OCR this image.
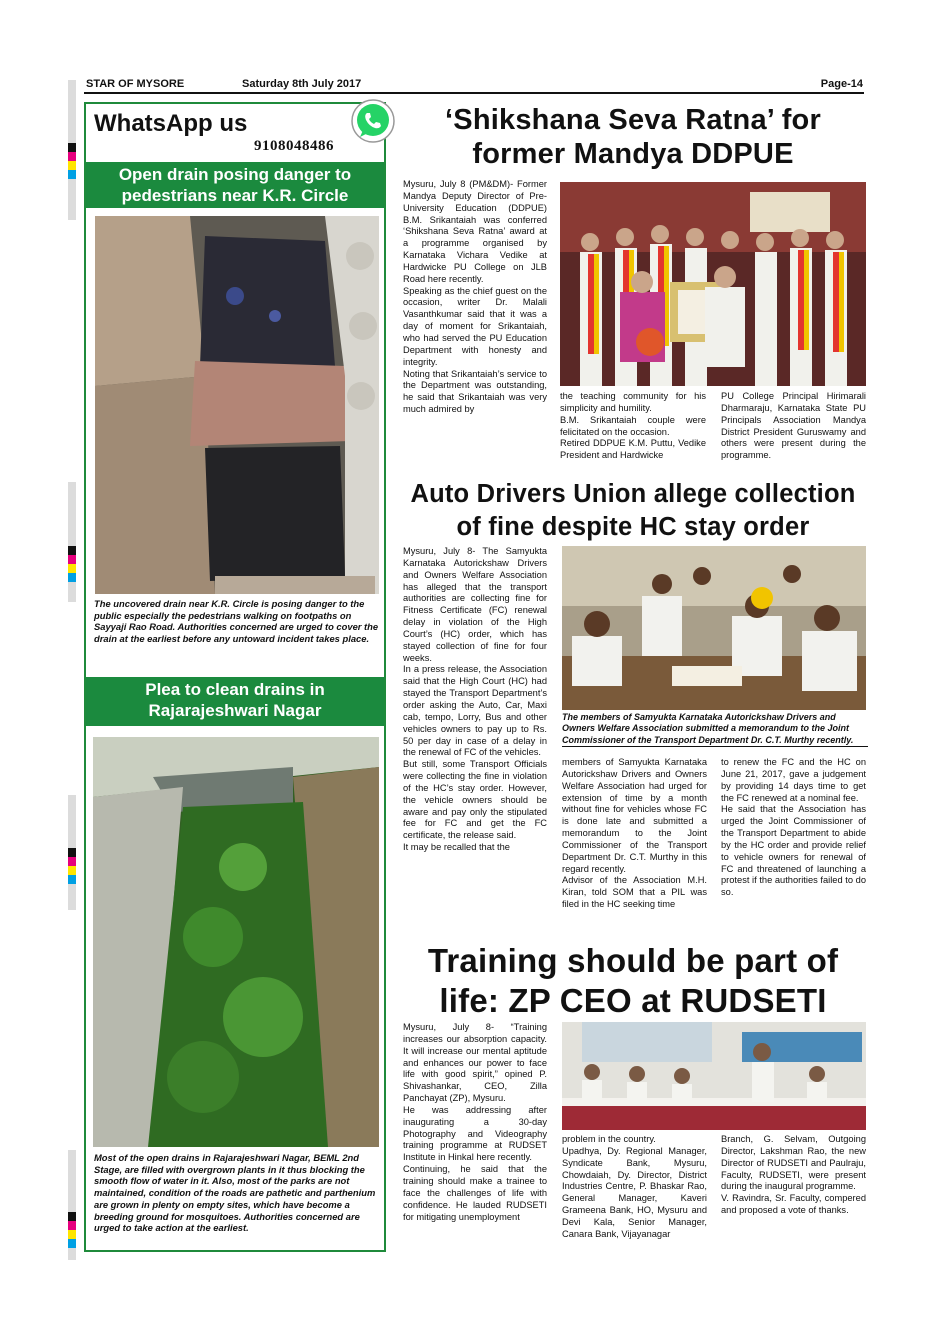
STAR OF MYSORE	Saturday 8th July 2017	Page-14
WhatsApp us
9108048486
Open drain posing danger to pedestrians near K.R. Circle
The uncovered drain near K.R. Circle is posing danger to the public especially the pedestrians walking on footpaths on Sayyaji Rao Road. Authorities concerned are urged to cover the drain at the earliest before any untoward incident takes place.
Plea to clean drains in Rajarajeshwari Nagar
Most of the open drains in Rajarajeshwari Nagar, BEML 2nd Stage, are filled with overgrown plants in it thus blocking the smooth flow of water in it. Also, most of the parks are not maintained, condition of the roads are pathetic and parthenium are grown in plenty on empty sites, which have become a breeding ground for mosquitoes. Authorities concerned are urged to take action at the earliest.
‘Shikshana Seva Ratna’ for former Mandya DDPUE
Mysuru, July 8 (PM&DM)- Former Mandya Deputy Director of Pre-University Education (DDPUE) B.M. Srikantaiah was conferred ‘Shikshana Seva Ratna’ award at a programme organised by Karnataka Vichara Vedike at Hardwicke PU College on JLB Road here recently.
Speaking as the chief guest on the occasion, writer Dr. Malali Vasanthkumar said that it was a day of moment for Srikantaiah, who had served the PU Education Department with honesty and integrity.
Noting that Srikantaiah’s service to the Department was outstanding, he said that Srikantaiah was very much admired by
the teaching community for his simplicity and humility.
B.M. Srikantaiah couple were felicitated on the occasion.
Retired DDPUE K.M. Puttu, Vedike President and Hardwicke
PU College Principal Hirimarali Dharmaraju, Karnataka State PU Principals Association Mandya District President Guruswamy and others were present during the programme.
Auto Drivers Union allege collection of fine despite HC stay order
Mysuru, July 8- The Samyukta Karnataka Autorickshaw Drivers and Owners Welfare Association has alleged that the transport authorities are collecting fine for Fitness Certificate (FC) renewal delay in violation of the High Court’s (HC) order, which has stayed collection of fine for four weeks.
In a press release, the Association said that the High Court (HC) had stayed the Transport Department’s order asking the Auto, Car, Maxi cab, tempo, Lorry, Bus and other vehicles owners to pay up to Rs. 50 per day in case of a delay in the renewal of FC of the vehicles.
But still, some Transport Officials were collecting the fine in violation of the HC’s stay order. However, the vehicle owners should be aware and pay only the stipulated fee for FC and get the FC certificate, the release said.
It may be recalled that the
The members of Samyukta Karnataka Autorickshaw Drivers and Owners Welfare Association submitted a memorandum to the Joint Commissioner of the Transport Department Dr. C.T. Murthy recently.
members of Samyukta Karnataka Autorickshaw Drivers and Owners Welfare Association had urged for extension of time by a month without fine for vehicles whose FC is done late and submitted a memorandum to the Joint Commissioner of the Transport Department Dr. C.T. Murthy in this regard recently.
Advisor of the Association M.H. Kiran, told SOM that a PIL was filed in the HC seeking time
to renew the FC and the HC on June 21, 2017, gave a judgement by providing 14 days time to get the FC renewed at a nominal fee.
He said that the Association has urged the Joint Commissioner of the Transport Department to abide by the HC order and provide relief to vehicle owners for renewal of FC and threatened of launching a protest if the authorities failed to do so.
Training should be part of life: ZP CEO at RUDSETI
Mysuru, July 8- “Training increases our absorption capacity. It will increase our mental aptitude and enhances our power to face life with good spirit,” opined P. Shivashankar, CEO, Zilla Panchayat (ZP), Mysuru.
He was addressing after inaugurating a 30-day Photography and Videography training programme at RUDSET Institute in Hinkal here recently.
Continuing, he said that the training should make a trainee to face the challenges of life with confidence. He lauded RUDSETI for mitigating unemployment
problem in the country.
Upadhya, Dy. Regional Manager, Syndicate Bank, Mysuru, Chowdaiah, Dy. Director, District Industries Centre, P. Bhaskar Rao, General Manager, Kaveri Grameena Bank, HO, Mysuru and Devi Kala, Senior Manager, Canara Bank, Vijayanagar
Branch, G. Selvam, Outgoing Director, Lakshman Rao, the new Director of RUDSETI and Paulraju, Faculty, RUDSETI, were present during the inaugural programme.
V. Ravindra, Sr. Faculty, compered and proposed a vote of thanks.
